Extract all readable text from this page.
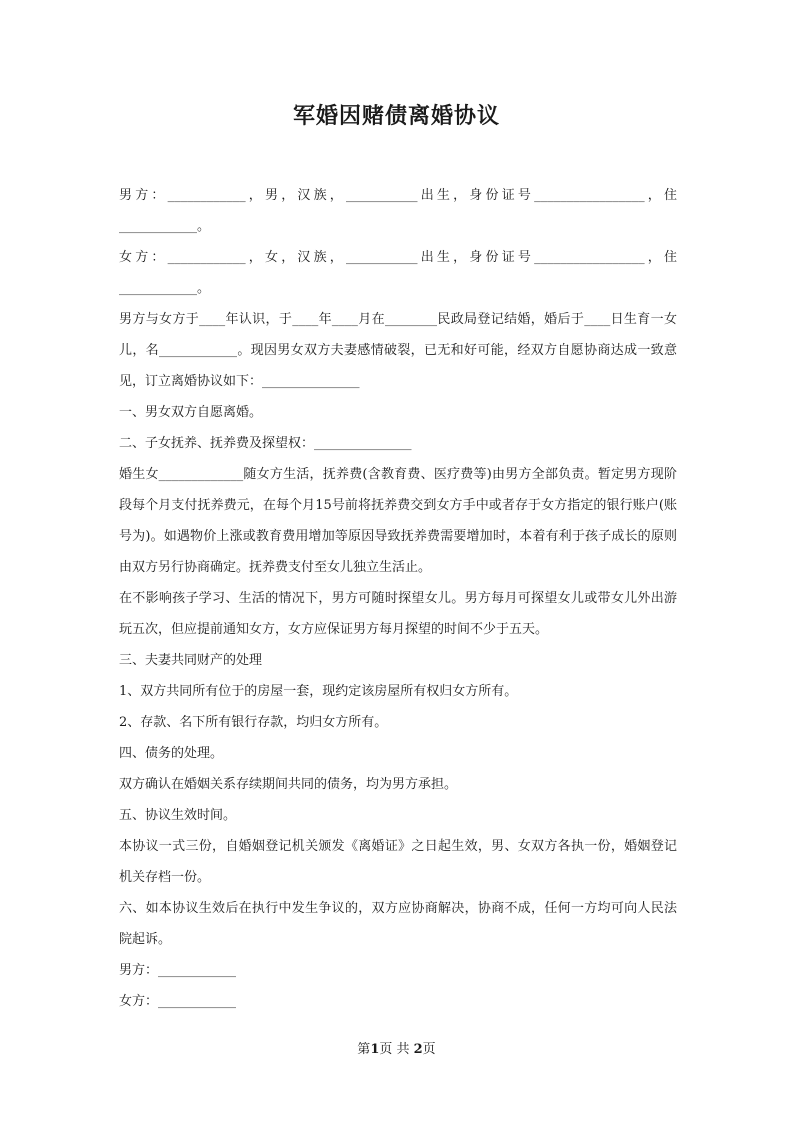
军婚因赌债离婚协议

男方：____________，男，汉族，___________出生，身份证号_________________，住____________。

女方：____________，女，汉族，___________出生，身份证号_________________，住____________。

男方与女方于____年认识，于____年____月在________民政局登记结婚，婚后于____日生育一女儿，名____________。现因男女双方夫妻感情破裂，已无和好可能，经双方自愿协商达成一致意见，订立离婚协议如下：_______________

一、男女双方自愿离婚。

二、子女抚养、抚养费及探望权：_______________

婚生女_____________随女方生活，抚养费(含教育费、医疗费等)由男方全部负责。暂定男方现阶段每个月支付抚养费元，在每个月15号前将抚养费交到女方手中或者存于女方指定的银行账户(账号为)。如遇物价上涨或教育费用增加等原因导致抚养费需要增加时，本着有利于孩子成长的原则由双方另行协商确定。抚养费支付至女儿独立生活止。

在不影响孩子学习、生活的情况下，男方可随时探望女儿。男方每月可探望女儿或带女儿外出游玩五次，但应提前通知女方，女方应保证男方每月探望的时间不少于五天。

三、夫妻共同财产的处理

1、双方共同所有位于的房屋一套，现约定该房屋所有权归女方所有。

2、存款、名下所有银行存款，均归女方所有。

四、债务的处理。

双方确认在婚姻关系存续期间共同的债务，均为男方承担。

五、协议生效时间。

本协议一式三份，自婚姻登记机关颁发《离婚证》之日起生效，男、女双方各执一份，婚姻登记机关存档一份。

六、如本协议生效后在执行中发生争议的，双方应协商解决，协商不成，任何一方均可向人民法院起诉。

男方：____________

女方：____________

第1页 共 2页
